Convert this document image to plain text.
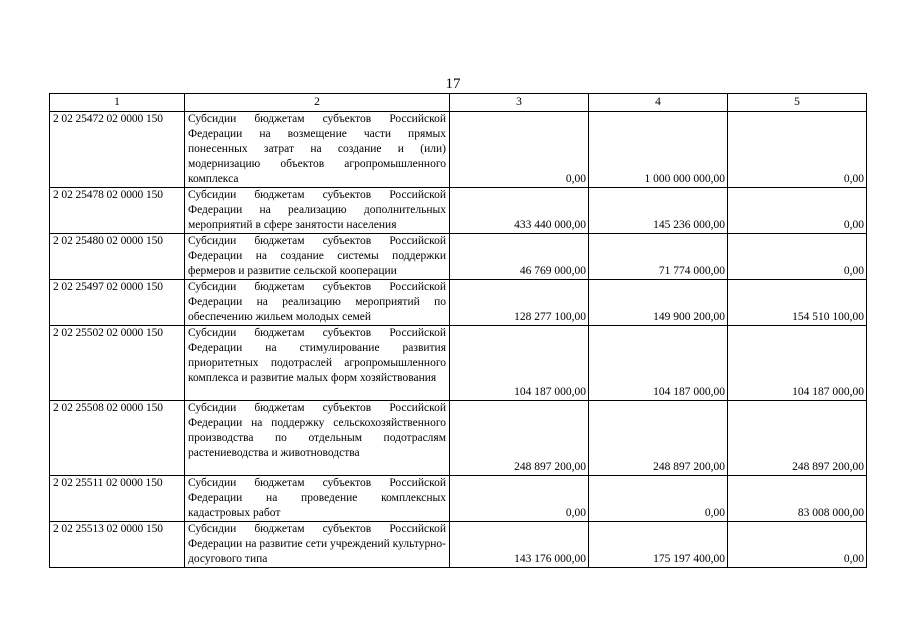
17
1	2	3	4	5
2 02 25472 02 0000 150	Субсидии бюджетам субъектов Российской Федерации на возмещение части прямых понесенных затрат на создание и (или) модернизацию объектов агропромышленного комплекса	0,00	1 000 000 000,00	0,00
2 02 25478 02 0000 150	Субсидии бюджетам субъектов Российской Федерации на реализацию дополнительных мероприятий в сфере занятости населения	433 440 000,00	145 236 000,00	0,00
2 02 25480 02 0000 150	Субсидии бюджетам субъектов Российской Федерации на создание системы поддержки фермеров и развитие сельской кооперации	46 769 000,00	71 774 000,00	0,00
2 02 25497 02 0000 150	Субсидии бюджетам субъектов Российской Федерации на реализацию мероприятий по обеспечению жильем молодых семей	128 277 100,00	149 900 200,00	154 510 100,00
2 02 25502 02 0000 150	Субсидии бюджетам субъектов Российской Федерации на стимулирование развития приоритетных подотраслей агропромышленного комплекса и развитие малых форм хозяйствования	104 187 000,00	104 187 000,00	104 187 000,00
2 02 25508 02 0000 150	Субсидии бюджетам субъектов Российской Федерации на поддержку сельскохозяйственного производства по отдельным подотраслям растениеводства и животноводства	248 897 200,00	248 897 200,00	248 897 200,00
2 02 25511 02 0000 150	Субсидии бюджетам субъектов Российской Федерации на проведение комплексных кадастровых работ	0,00	0,00	83 008 000,00
2 02 25513 02 0000 150	Субсидии бюджетам субъектов Российской Федерации на развитие сети учреждений культурно-досугового типа	143 176 000,00	175 197 400,00	0,00
